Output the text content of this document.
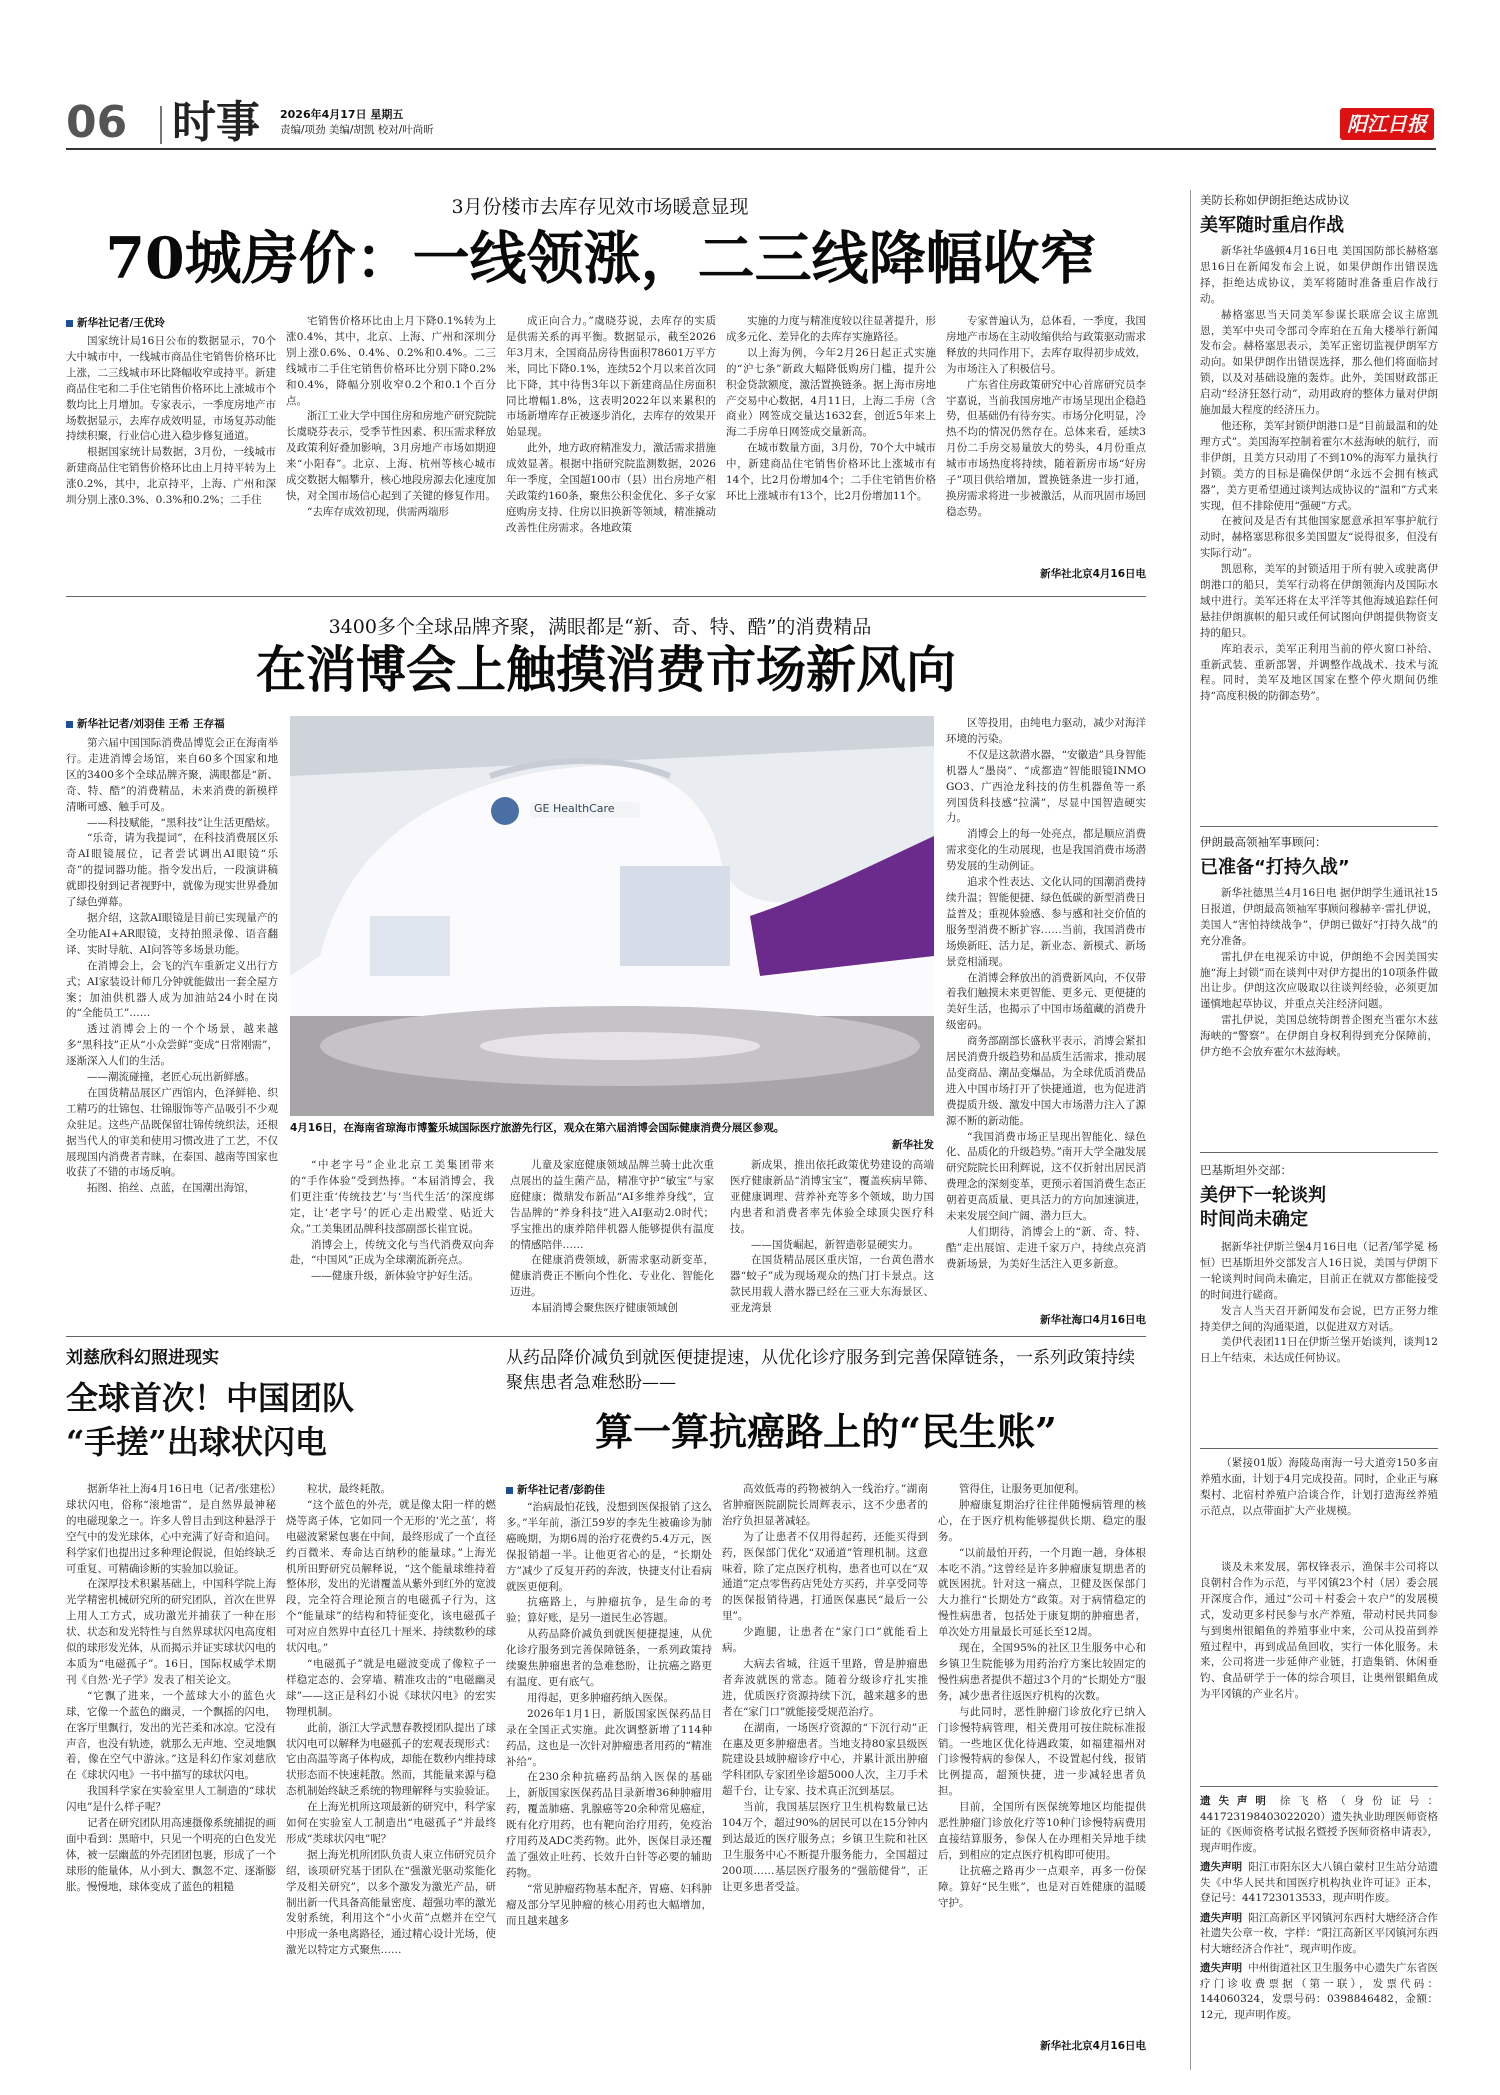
06 时事 2026年4月17日 星期五
责编/项劲 美编/胡凯 校对/叶尚昕	阳江日报
3月份楼市去库存见效市场暖意显现
70城房价：一线领涨，二三线降幅收窄
新华社记者/王优玲

国家统计局16日公布的数据显示，70个大中城市中，一线城市商品住宅销售价格环比上涨，二三线城市环比降幅收窄或持平。新建商品住宅和二手住宅销售价格环比上涨城市个数均比上月增加。专家表示，一季度房地产市场数据显示，去库存成效明显，市场复苏动能持续积聚，行业信心进入稳步修复通道。

根据国家统计局数据，3月份，一线城市新建商品住宅销售价格环比由上月持平转为上涨0.2%，其中，北京持平，上海、广州和深圳分别上涨0.3%、0.3%和0.2%；二手住

宅销售价格环比由上月下降0.1%转为上涨0.4%，其中，北京、上海、广州和深圳分别上涨0.6%、0.4%、0.2%和0.4%。二三线城市二手住宅销售价格环比分别下降0.2%和0.4%，降幅分别收窄0.2个和0.1个百分点。

浙江工业大学中国住房和房地产研究院院长虞晓芬表示，受季节性因素、积压需求释放及政策利好叠加影响，3月房地产市场如期迎来“小阳春”。北京、上海、杭州等核心城市成交数据大幅攀升，核心地段房源去化速度加快，对全国市场信心起到了关键的修复作用。

“去库存成效初现，供需两端形

成正向合力。”虞晓芬说，去库存的实质是供需关系的再平衡。数据显示，截至2026年3月末，全国商品房待售面积78601万平方米，同比下降0.1%，连续52个月以来首次同比下降，其中待售3年以下新建商品住房面积同比增幅1.8%，这表明2022年以来累积的市场新增库存正被逐步消化，去库存的效果开始显现。

此外，地方政府精准发力，激活需求措施成效显著。根据中指研究院监测数据，2026年一季度，全国超100市（县）出台房地产相关政策约160条，聚焦公积金优化、多子女家庭购房支持、住房以旧换新等领域，精准撬动改善性住房需求。各地政策

实施的力度与精准度较以往显著提升，形成多元化、差异化的去库存实施路径。

以上海为例，今年2月26日起正式实施的“沪七条”新政大幅降低购房门槛，提升公积金贷款额度，激活置换链条。据上海市房地产交易中心数据，4月11日，上海二手房（含商业）网签成交量达1632套，创近5年来上海二手房单日网签成交量新高。

在城市数量方面，3月份，70个大中城市中，新建商品住宅销售价格环比上涨城市有14个，比2月份增加4个；二手住宅销售价格环比上涨城市有13个，比2月份增加11个。

专家普遍认为，总体看，一季度，我国房地产市场在主动收缩供给与政策驱动需求释放的共同作用下，去库存取得初步成效，为市场注入了积极信号。

广东省住房政策研究中心首席研究员李宇嘉说，当前我国房地产市场呈现出企稳趋势，但基础仍有待夯实。市场分化明显，冷热不均的情况仍然存在。总体来看，延续3月份二手房交易量放大的势头，4月份重点城市市场热度将持续，随着新房市场“好房子”项目供给增加，置换链条进一步打通，换房需求将进一步被激活，从而巩固市场回稳态势。

新华社北京4月16日电
3400多个全球品牌齐聚，满眼都是“新、奇、特、酷”的消费精品
在消博会上触摸消费市场新风向
新华社记者/刘羽佳 王希 王存福

第六届中国国际消费品博览会正在海南举行。走进消博会场馆，来自60多个国家和地区的3400多个全球品牌齐聚，满眼都是“新、奇、特、酷”的消费精品，未来消费的新模样清晰可感、触手可及。

——科技赋能，“黑科技”让生活更酷炫。

“乐奇，请为我提词”，在科技消费展区乐奇AI眼镜展位，记者尝试调出AI眼镜“乐奇”的提词器功能。指令发出后，一段演讲稿就即投射到记者视野中，就像为现实世界叠加了绿色弹幕。

据介绍，这款AI眼镜是目前已实现量产的全功能AI+AR眼镜，支持拍照录像、语音翻译、实时导航、AI问答等多场景功能。

在消博会上，会飞的汽车重新定义出行方式；AI家装设计师几分钟就能做出一套全屋方案；加油供机器人成为加油站24小时在岗的“全能员工”……

透过消博会上的一个个场景，越来越多“黑科技”正从“小众尝鲜”变成“日常刚需”，逐渐深入人们的生活。

——潮流碰撞，老匠心玩出新鲜感。

在国货精品展区广西馆内，色泽鲜艳、织工精巧的壮锦包、壮锦服饰等产品吸引不少观众驻足。这些产品既保留壮锦传统织法，还根据当代人的审美和使用习惯改进了工艺，不仅展现国内消费者青睐，在泰国、越南等国家也收获了不错的市场反响。

拓图、掐丝、点蓝，在国潮出海馆，

GE HealthCare
4月16日，在海南省琼海市博鳌乐城国际医疗旅游先行区，观众在第六届消博会国际健康消费分展区参观。
新华社发

“中老字号”企业北京工美集团带来的“手作体验”受到热捧。“本届消博会，我们更注重‘传统技艺’与‘当代生活’的深度绑定，让‘老字号’的匠心走出殿堂、贴近大众。”工美集团品牌科技部副部长崔宜说。

消博会上，传统文化与当代消费双向奔赴，“中国风”正成为全球潮流新亮点。

——健康升级，新体验守护好生活。

儿童及家庭健康领域品牌兰骑士此次重点展出的益生菌产品，精准守护“敏宝”与家庭健康；微鼎发布新品“AI多维养身线”，宣告品牌的“养身科技”进入AI驱动2.0时代；孚宝推出的康养陪伴机器人能够提供有温度的情感陪伴……

在健康消费领域，新需求驱动新变革，健康消费正不断向个性化、专业化、智能化迈进。

本届消博会聚焦医疗健康领域创

新成果，推出依托政策优势建设的高端医疗健康新品“消博宝宝”，覆盖疾病早筛、亚健康调理、营养补充等多个领域，助力国内患者和消费者率先体验全球顶尖医疗科技。

——国货崛起，新智造彰显硬实力。

在国货精品展区重庆馆，一台黄色潜水器“蛟子”成为现场观众的热门打卡景点。这款民用载人潜水器已经在三亚大东海景区、亚龙湾景

区等投用，由纯电力驱动，减少对海洋环境的污染。

不仅是这款潜水器，“安徽造”具身智能机器人“墨岗”、“成都造”智能眼镜INMO GO3、广西沧龙科技的仿生机器鱼等一系列国货科技感“拉满”，尽显中国智造硬实力。

消博会上的每一处亮点，都是顺应消费需求变化的生动展现，也是我国消费市场潜势发展的生动例证。

追求个性表达、文化认同的国潮消费持续升温；智能便捷、绿色低碳的新型消费日益普及；重视体验感、参与感和社交价值的服务型消费不断扩容……当前，我国消费市场焕新旺、活力足，新业态、新模式、新场景竞相涌现。

在消博会释放出的消费新风向，不仅带着我们触摸未来更智能、更多元、更便捷的美好生活，也揭示了中国市场蕴藏的消费升级密码。

商务部副部长盛秋平表示，消博会紧扣居民消费升级趋势和品质生活需求，推动展品变商品、潮品变爆品，为全球优质消费品进入中国市场打开了快捷通道，也为促进消费提质升级、激发中国大市场潜力注入了源源不断的新动能。

“我国消费市场正呈现出智能化、绿色化、品质化的升级趋势。”南开大学全融发展研究院院长田利辉说，这不仅折射出居民消费理念的深刻变革，更预示着国消费生态正朝着更高质量、更具活力的方向加速演进，未来发展空间广阔、潜力巨大。

人们期待，消博会上的“新、奇、特、酷”走出展馆、走进千家万户，持续点亮消费新场景，为美好生活注入更多新意。

新华社海口4月16日电
刘慈欣科幻照进现实
全球首次！中国团队
“手搓”出球状闪电

据新华社上海4月16日电（记者/张建松）球状闪电，俗称“滚地雷”，是自然界最神秘的电磁现象之一。许多人曾目击到这种悬浮于空气中的发光球体，心中充满了好奇和追问。科学家们也提出过多种理论假说，但始终缺乏可重复、可精确诊断的实验加以验证。

在深厚技术积累基础上，中国科学院上海光学精密机械研究所的研究团队，首次在世界上用人工方式，成功激光并捕获了一种在形状、状态和发光特性与自然界球状闪电高度相似的球形发光体，从而揭示并证实球状闪电的本质为“电磁孤子”。16日，国际权威学术期刊《自然·光子学》发表了相关论文。

“它飘了进来，一个蓝球大小的蓝色火球，它像一个蓝色的幽灵，一个飘摇的闪电，在客厅里飘行，发出的光芒柔和冰凉。它没有声音，也没有轨迹，就那么无声地、空灵地飘着，像在空气中游泳。”这是科幻作家刘慈欣在《球状闪电》一书中描写的球状闪电。

我国科学家在实验室里人工制造的“球状闪电”是什么样子呢？

记者在研究团队用高速摄像系统捕捉的画面中看到：黑暗中，只见一个明亮的白色发光体，被一层幽蓝的外壳团团包裹，形成了一个球形的能量体，从小到大、飘忽不定、逐渐膨胀。慢慢地，球体变成了蓝色的粗糙

粒状，最终耗散。

“这个蓝色的外壳，就是像太阳一样的燃烧等离子体，它如同一个无形的‘光之茧’，将电磁波紧紧包裹在中间，最终形成了一个直径约百微米、寿命达百纳秒的能量球。”上海光机所田野研究员解释说，“这个能量球维持着整体形，发出的光谱覆盖从紫外到红外的宽波段，完全符合理论预言的电磁孤子行为，这个“能量球”的结构和特征变化，该电磁孤子可对应自然界中直径几十厘米、持续数秒的球状闪电。”

“电磁孤子”就是电磁波变成了像粒子一样稳定态的、会穿墙、精准攻击的“电磁幽灵球”——这正是科幻小说《球状闪电》的宏实物理机制。

此前，浙江大学武慧春教授团队提出了球状闪电可以解释为电磁孤子的宏观表现形式：它由高温等离子体构成，却能在数秒内维持球状形态而不快速耗散。然而，其能量来源与稳态机制始终缺乏系统的物理解释与实验验证。

在上海光机所这项最新的研究中，科学家如何在实验室人工制造出“电磁孤子”并最终形成“类球状闪电”呢？

据上海光机所团队负责人束立伟研究员介绍，该项研究基于团队在“强激光驱动浆能化学及相关研究”，以多个激发为激光产品，研制出新一代具备高能量密度、超强功率的激光发射系统，利用这个“小火苗”点燃并在空气中形成一条电离路径，通过精心设计光场，使激光以特定方式聚焦……

从药品降价减负到就医便捷提速，从优化诊疗服务到完善保障链条，一系列政策持续聚焦患者急难愁盼——
算一算抗癌路上的“民生账”
新华社记者/彭韵佳

“治病最怕花钱，没想到医保报销了这么多。”半年前，浙江59岁的李先生被确诊为肺癌晚期，为期6周的治疗花费约5.4万元，医保报销超一半。让他更省心的是，“长期处方”减少了反复开药的奔波，快捷支付让看病就医更便利。

抗癌路上，与肿瘤抗争，是生命的考验；算好账，是另一道民生必答题。

从药品降价减负到就医便捷提速，从优化诊疗服务到完善保障链条，一系列政策持续聚焦肿瘤患者的急难愁盼，让抗癌之路更有温度、更有底气。

用得起，更多肿瘤药纳入医保。

2026年1月1日，新版国家医保药品目录在全国正式实施。此次调整新增了114种药品，这也是一次针对肿瘤患者用药的“精准补给”。

在230余种抗癌药品纳入医保的基础上，新版国家医保药品目录新增36种肿瘤用药，覆盖肺癌、乳腺癌等20余种常见癌症，既有化疗用药，也有靶向治疗用药，免疫治疗用药及ADC类药物。此外，医保目录还覆盖了强效止吐药、长效升白针等必要的辅助药物。

“常见肿瘤药物基本配齐，胃癌、妇科肿瘤及部分罕见肿瘤的核心用药也大幅增加，而且越来越多

高效低毒的药物被纳入一线治疗。”湖南省肿瘤医院副院长周辉表示，这不少患者的治疗负担显著减轻。

为了让患者不仅用得起药，还能买得到药，医保部门优化“双通道”管理机制。这意味着，除了定点医疗机构，患者也可以在“双通道”定点零售药店凭处方买药，并享受同等的医保报销待遇，打通医保惠民“最后一公里”。

少跑腿，让患者在“家门口”就能看上病。

大病去省城，往返千里路，曾是肿瘤患者奔波就医的常态。随着分级诊疗扎实推进，优质医疗资源持续下沉，越来越多的患者在“家门口”就能接受规范治疗。

在湖南，一场医疗资源的“下沉行动”正在惠及更多肿瘤患者。当地支持80家县级医院建设县域肿瘤诊疗中心，并累计派出肿瘤学科团队专家团坐诊超5000人次，主刀手术超千台，让专家、技术真正沉到基层。

当前，我国基层医疗卫生机构数量已达104万个，超过90%的居民可以在15分钟内到达最近的医疗服务点；乡镇卫生院和社区卫生服务中心不断提升服务能力，全国超过200项……基层医疗服务的“强筋健骨”，正让更多患者受益。

管得住，让服务更加便利。

肿瘤康复期治疗往往伴随慢病管理的核心，在于医疗机构能够提供长期、稳定的服务。

“以前最怕开药，一个月跑一趟，身体根本吃不消。”这曾经是许多肿瘤康复期患者的就医困扰。针对这一痛点，卫健及医保部门大力推行“长期处方”政策。对于病情稳定的慢性病患者，包括处于康复期的肿瘤患者，单次处方用量最长可延长至12周。

现在，全国95%的社区卫生服务中心和乡镇卫生院能够为用药治疗方案比较固定的慢性病患者提供不超过3个月的“长期处方”服务，减少患者往返医疗机构的次数。

与此同时，恶性肿瘤门诊放化疗已纳入门诊慢特病管理，相关费用可按住院标准报销。一些地区优化待遇政策，如福建福州对门诊慢特病的参保人，不设置起付线，报销比例提高，超预快捷，进一步减轻患者负担。

目前，全国所有医保统筹地区均能提供恶性肿瘤门诊放化疗等10种门诊慢特病费用直接结算服务，参保人在办理相关异地手续后，到相应的定点医疗机构即可使用。

让抗癌之路再少一点艰辛，再多一份保障。算好“民生账”，也是对百姓健康的温暖守护。

新华社北京4月16日电
美防长称如伊朗拒绝达成协议
美军随时重启作战

新华社华盛顿4月16日电 美国国防部长赫格塞思16日在新闻发布会上说，如果伊朗作出错误选择，拒绝达成协议，美军将随时准备重启作战行动。

赫格塞思当天同美军参谋长联席会议主席凯恩，美军中央司令部司令库珀在五角大楼举行新闻发布会。赫格塞思表示，美军正密切监视伊朗军方动向。如果伊朗作出错误选择，那么他们将面临封锁，以及对基础设施的轰炸。此外，美国财政部正启动“经济狂怒行动”，动用政府的整体力量对伊朗施加最大程度的经济压力。

他还称，美军封锁伊朗港口是“目前最温和的处理方式”。美国海军控制着霍尔木兹海峡的航行，而非伊朗，且美方只动用了不到10%的海军力量执行封锁。美方的目标是确保伊朗“永远不会拥有核武器”，美方更希望通过谈判达成协议的“温和”方式来实现，但不排除使用“强硬”方式。

在被问及是否有其他国家愿意承担军事护航行动时，赫格塞思称很多美国盟友“说得很多，但没有实际行动”。

凯恩称，美军的封锁适用于所有驶入或驶离伊朗港口的船只，美军行动将在伊朗领海内及国际水域中进行。美军还将在太平洋等其他海域追踪任何悬挂伊朗旗帜的船只或任何试图向伊朗提供物资支持的船只。

库珀表示，美军正利用当前的停火窗口补给、重新武装、重新部署，并调整作战战术、技术与流程。同时，美军及地区国家在整个停火期间仍维持“高度积极的防御态势”。

伊朗最高领袖军事顾问：
已准备“打持久战”

新华社德黑兰4月16日电 据伊朗学生通讯社15日报道，伊朗最高领袖军事顾问穆赫辛·雷扎伊说，美国人“害怕持续战争”，伊朗已做好“打持久战”的充分准备。

雷扎伊在电视采访中说，伊朗绝不会因美国实施“海上封锁”而在谈判中对伊方提出的10项条件做出让步。伊朗这次应吸取以往谈判经验，必须更加谨慎地起草协议，并重点关注经济问题。

雷扎伊说，美国总统特朗普企图充当霍尔木兹海峡的“警察”。在伊朗自身权利得到充分保障前，伊方绝不会放弃霍尔木兹海峡。

巴基斯坦外交部：
美伊下一轮谈判
时间尚未确定

据新华社伊斯兰堡4月16日电（记者/邹学冕 杨恒）巴基斯坦外交部发言人16日说，美国与伊朗下一轮谈判时间尚未确定，目前正在就双方都能接受的时间进行磋商。

发言人当天召开新闻发布会说，巴方正努力维持美伊之间的沟通渠道，以促进双方对话。

美伊代表团11日在伊斯兰堡开始谈判，谈判12日上午结束，未达成任何协议。

（紧接01版）海陵岛南海一号大道旁150多亩养殖水面，计划于4月完成投苗。同时，企业正与麻梨村、北宿村养殖户洽谈合作，计划打造海丝养殖示范点，以点带面扩大产业规模。

谈及未来发展，郭权锋表示，渔保丰公司将以良朝村合作为示范，与平冈镇23个村（居）委会展开深度合作，通过“公司＋村委会＋农户”的发展模式，发动更多村民参与水产养殖，带动村民共同参与到奥州银鲳鱼的养殖事业中来，公司从投苗到养殖过程中，再到成品鱼回收，实行一体化服务。未来，公司将进一步延伸产业链，打造集销、休闲垂钓、食品研学于一体的综合项目，让奥州银鲳鱼成为平冈镇的产业名片。

遗失声明 徐飞格（身份证号：441723198403022020）遗失执业助理医师资格证的《医师资格考试报名暨授予医师资格申请表》，现声明作废。
遗失声明 阳江市阳东区大八镇白蒙村卫生站分站遗失《中华人民共和国医疗机构执业许可证》正本，登记号：441723013533，现声明作废。
遗失声明 阳江高新区平冈镇河东西村大塘经济合作社遗失公章一枚，字样：“阳江高新区平冈镇河东西村大塘经济合作社”，现声明作废。
遗失声明 中州街道社区卫生服务中心遗失广东省医疗门诊收费票据（第一联），发票代码：144060324，发票号码：0398846482，金额：12元，现声明作废。
